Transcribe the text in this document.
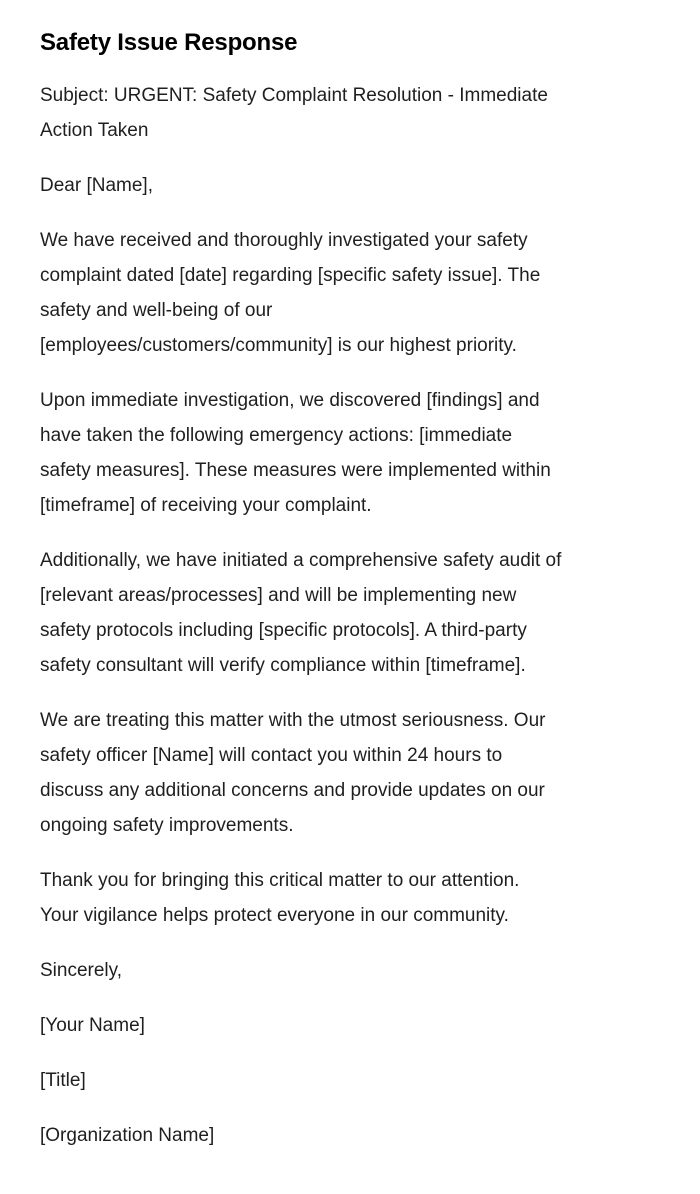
Safety Issue Response

Subject: URGENT: Safety Complaint Resolution - Immediate
Action Taken

Dear [Name],

We have received and thoroughly investigated your safety
complaint dated [date] regarding [specific safety issue]. The
safety and well-being of our
[employees/customers/community] is our highest priority.

Upon immediate investigation, we discovered [findings] and
have taken the following emergency actions: [immediate
safety measures]. These measures were implemented within
[timeframe] of receiving your complaint.

Additionally, we have initiated a comprehensive safety audit of
[relevant areas/processes] and will be implementing new
safety protocols including [specific protocols]. A third-party
safety consultant will verify compliance within [timeframe].

We are treating this matter with the utmost seriousness. Our
safety officer [Name] will contact you within 24 hours to
discuss any additional concerns and provide updates on our
ongoing safety improvements.

Thank you for bringing this critical matter to our attention.
Your vigilance helps protect everyone in our community.

Sincerely,

[Your Name]

[Title]

[Organization Name]
